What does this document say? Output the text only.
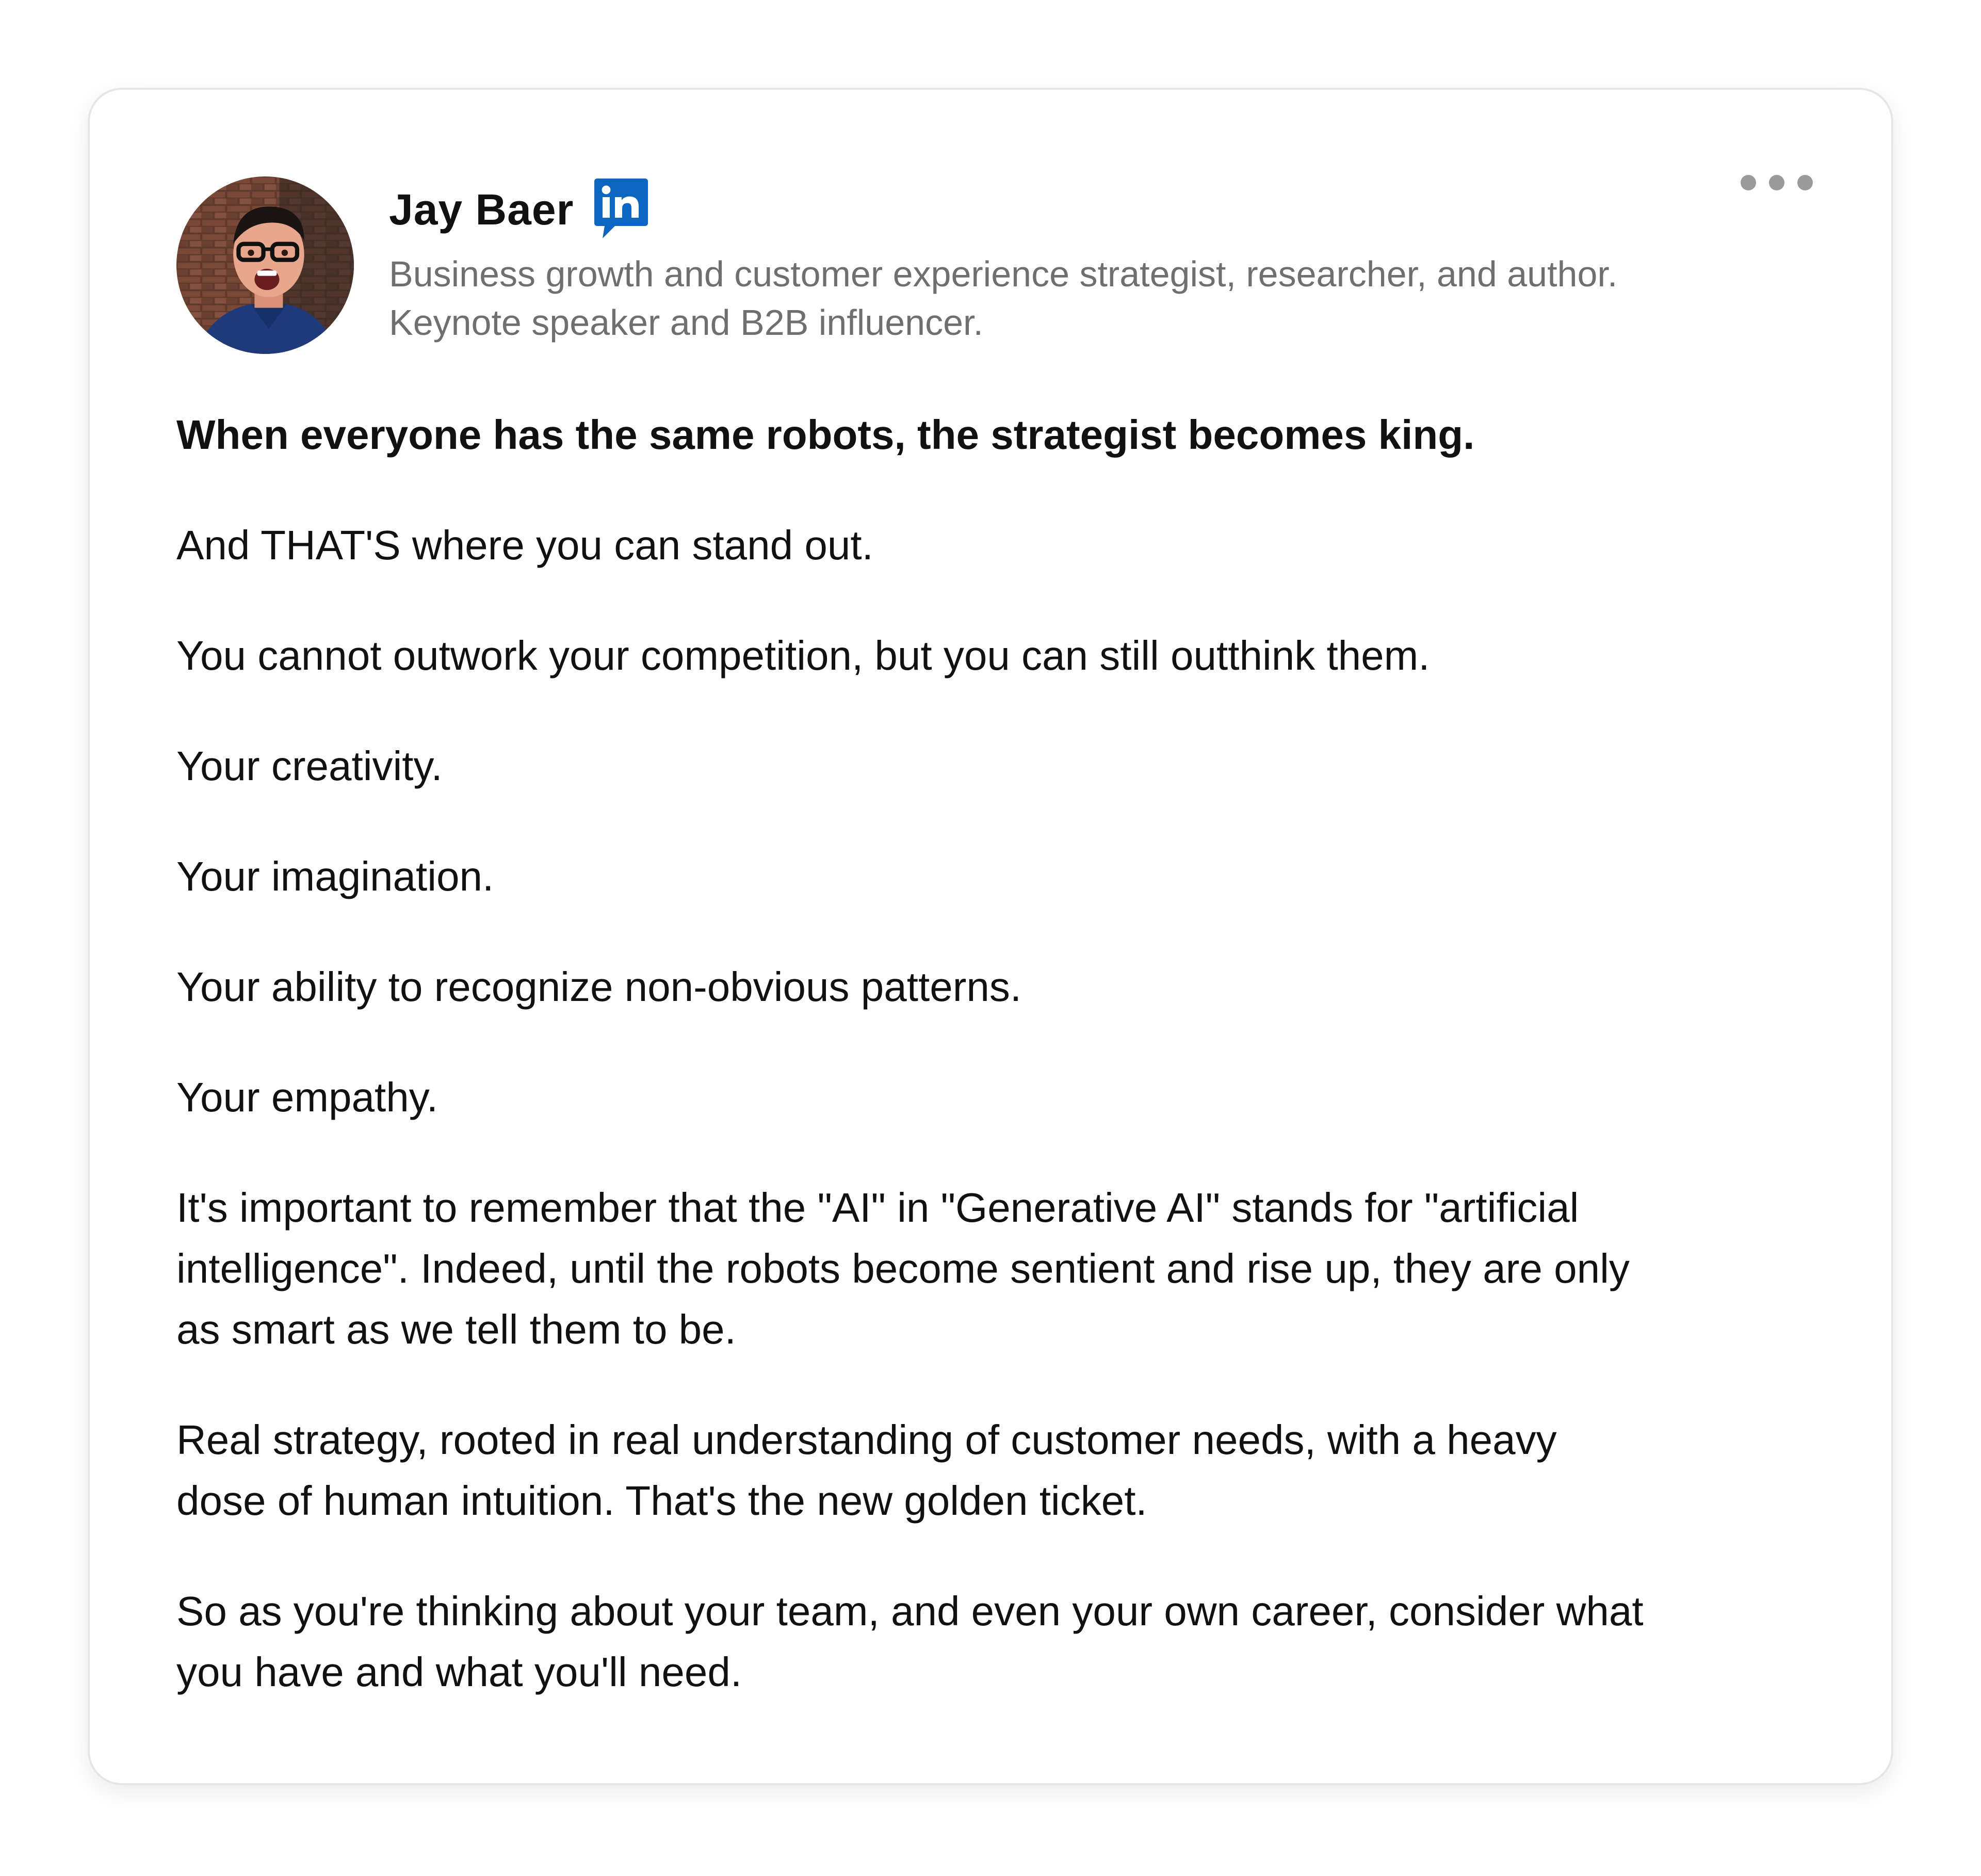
Jay Baer
Business growth and customer experience strategist, researcher, and author.
Keynote speaker and B2B influencer.
When everyone has the same robots, the strategist becomes king.
And THAT'S where you can stand out.
You cannot outwork your competition, but you can still outthink them.
Your creativity.
Your imagination.
Your ability to recognize non-obvious patterns.
Your empathy.
It's important to remember that the "AI" in "Generative AI" stands for "artificial
intelligence". Indeed, until the robots become sentient and rise up, they are only
as smart as we tell them to be.
Real strategy, rooted in real understanding of customer needs, with a heavy
dose of human intuition. That's the new golden ticket.
So as you're thinking about your team, and even your own career, consider what
you have and what you'll need.
